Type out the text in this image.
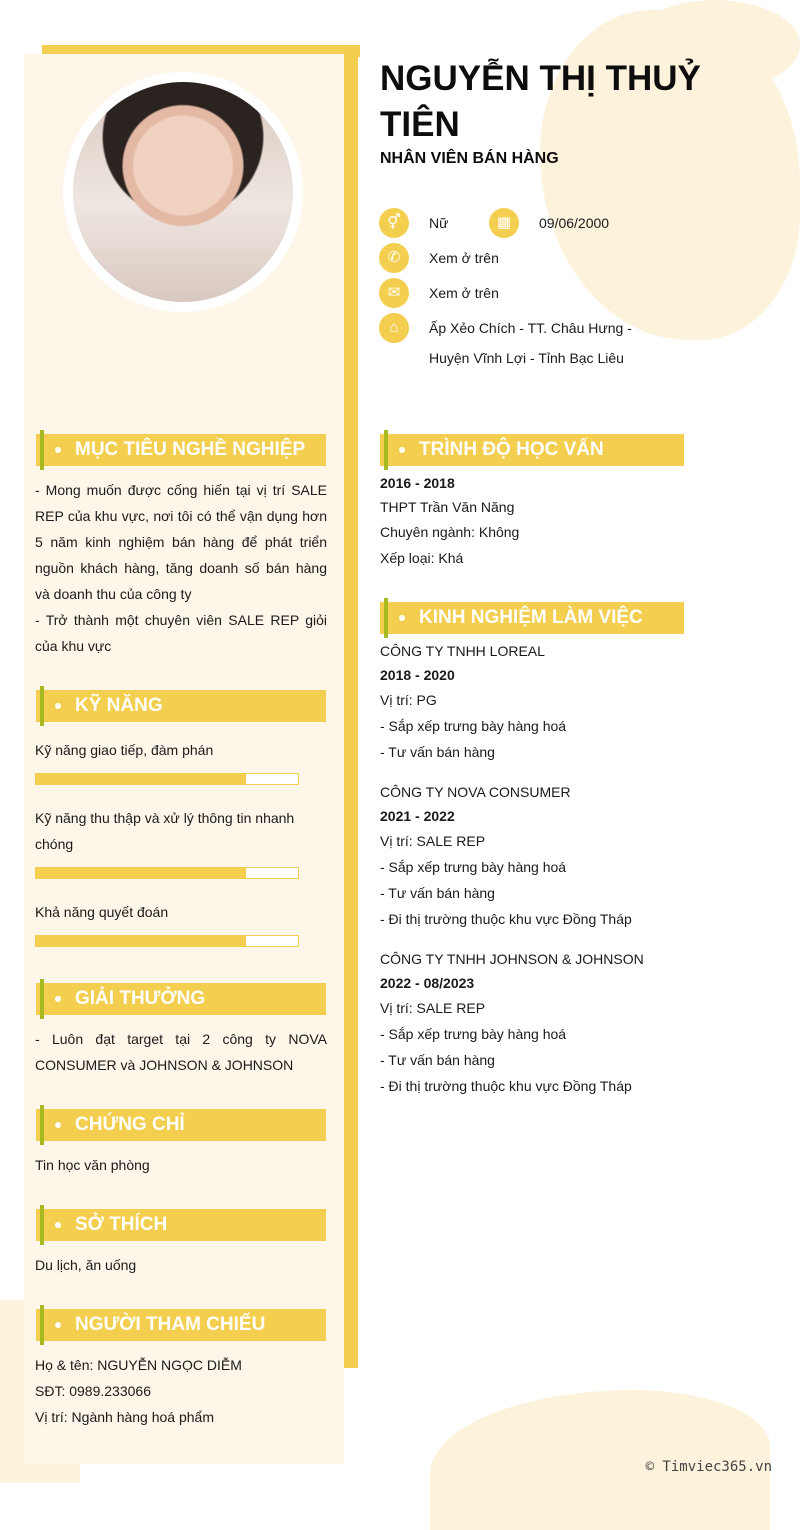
MỤC TIÊU NGHỀ NGHIỆP
- Mong muốn được cống hiến tại vị trí SALE REP của khu vực, nơi tôi có thể vận dụng hơn 5 năm kinh nghiệm bán hàng để phát triển nguồn khách hàng, tăng doanh số bán hàng và doanh thu của công ty
- Trở thành một chuyên viên SALE REP giỏi của khu vực
KỸ NĂNG
Kỹ năng giao tiếp, đàm phán
Kỹ năng thu thập và xử lý thông tin nhanh chóng
Khả năng quyết đoán
GIẢI THƯỞNG
- Luôn đạt target tại 2 công ty NOVA CONSUMER và JOHNSON & JOHNSON
CHỨNG CHỈ
Tin học văn phòng
SỞ THÍCH
Du lịch, ăn uống
NGƯỜI THAM CHIẾU
Họ & tên: NGUYỄN NGỌC DIỄM
SĐT: 0989.233066
Vị trí: Ngành hàng hoá phẩm
NGUYỄN THỊ THUỶ TIÊN
NHÂN VIÊN BÁN HÀNG
⚥	Nữ	▦	09/06/2000
✆	Xem ở trên
✉	Xem ở trên
⌂	Ấp Xẻo Chích - TT. Châu Hưng -
Huyện Vĩnh Lợi - Tỉnh Bạc Liêu
TRÌNH ĐỘ HỌC VẤN
2016 - 2018
THPT Trần Văn Năng
Chuyên ngành: Không
Xếp loại: Khá
KINH NGHIỆM LÀM VIỆC
CÔNG TY TNHH LOREAL
2018 - 2020
Vị trí: PG
- Sắp xếp trưng bày hàng hoá
- Tư vấn bán hàng
CÔNG TY NOVA CONSUMER
2021 - 2022
Vị trí: SALE REP
- Sắp xếp trưng bày hàng hoá
- Tư vấn bán hàng
- Đi thị trường thuộc khu vực Đồng Tháp
CÔNG TY TNHH JOHNSON & JOHNSON
2022 - 08/2023
Vị trí: SALE REP
- Sắp xếp trưng bày hàng hoá
- Tư vấn bán hàng
- Đi thị trường thuộc khu vực Đồng Tháp
© Timviec365.vn
